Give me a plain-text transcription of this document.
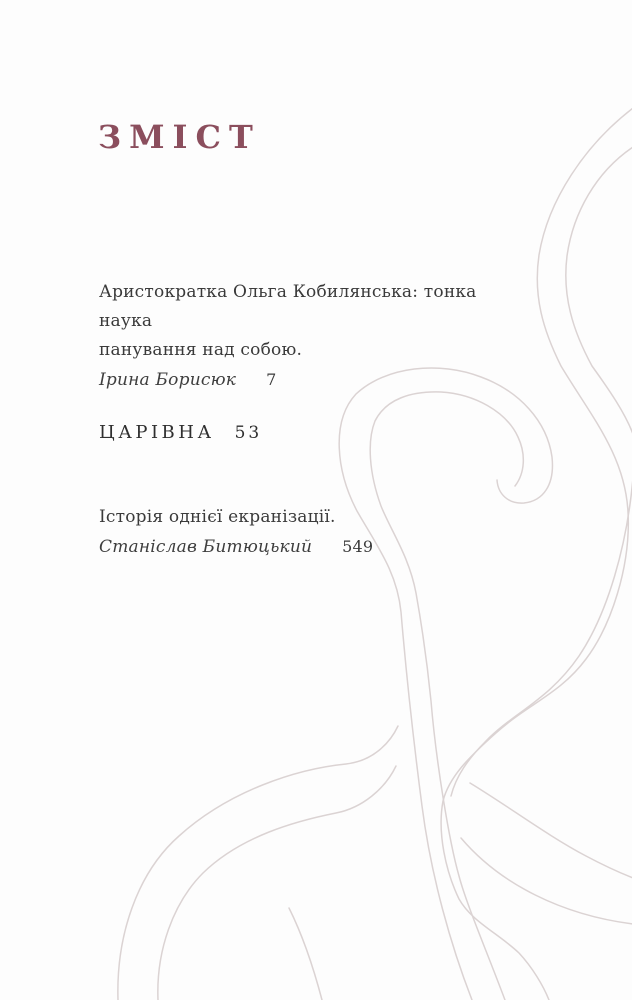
ЗМІСТ
Аристократка Ольга Кобилянська: тонка наука
панування над собою.
Ірина Борисюк 7
ЦАРІВНА 53
Історія однієї екранізації.
Станіслав Битюцький 549
